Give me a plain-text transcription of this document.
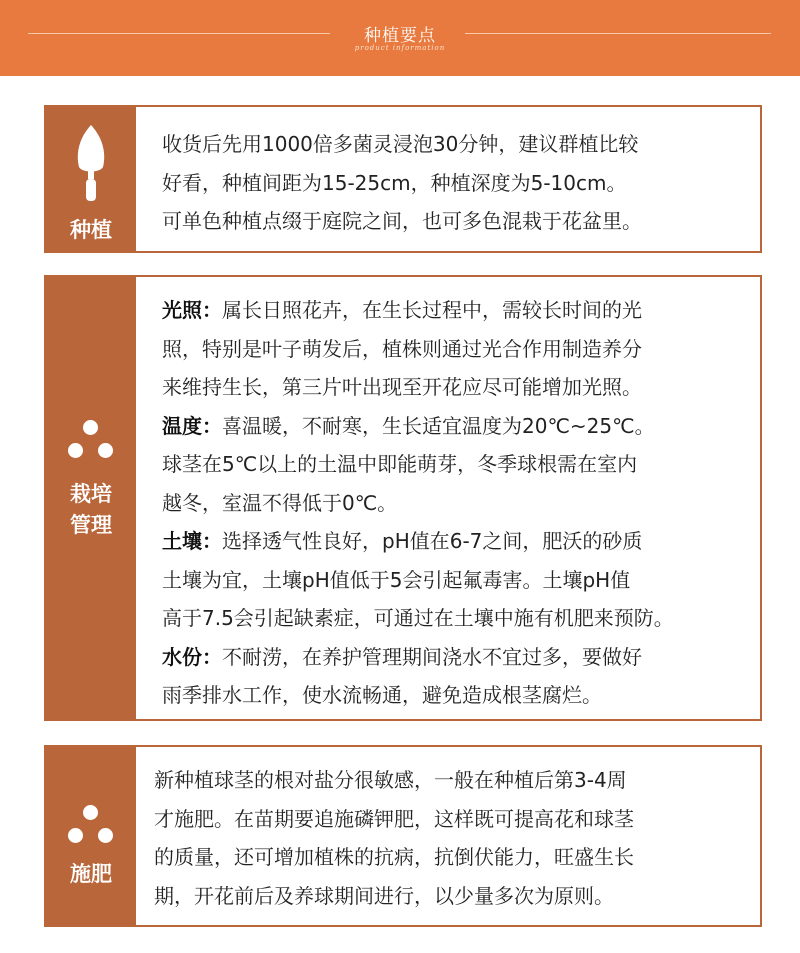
种植要点
product information
种植
收货后先用1000倍多菌灵浸泡30分钟，建议群植比较
好看，种植间距为15-25cm，种植深度为5-10cm。
可单色种植点缀于庭院之间，也可多色混栽于花盆里。
栽培
管理
光照：属长日照花卉，在生长过程中，需较长时间的光
照，特别是叶子萌发后，植株则通过光合作用制造养分
来维持生长，第三片叶出现至开花应尽可能增加光照。
温度：喜温暖，不耐寒，生长适宜温度为20℃~25℃。
球茎在5℃以上的土温中即能萌芽，冬季球根需在室内
越冬，室温不得低于0℃。
土壤：选择透气性良好，pH值在6-7之间，肥沃的砂质
土壤为宜，土壤pH值低于5会引起氟毒害。土壤pH值
高于7.5会引起缺素症，可通过在土壤中施有机肥来预防。
水份：不耐涝，在养护管理期间浇水不宜过多，要做好
雨季排水工作，使水流畅通，避免造成根茎腐烂。
施肥
新种植球茎的根对盐分很敏感，一般在种植后第3-4周
才施肥。在苗期要追施磷钾肥，这样既可提高花和球茎
的质量，还可增加植株的抗病，抗倒伏能力，旺盛生长
期，开花前后及养球期间进行，以少量多次为原则。
